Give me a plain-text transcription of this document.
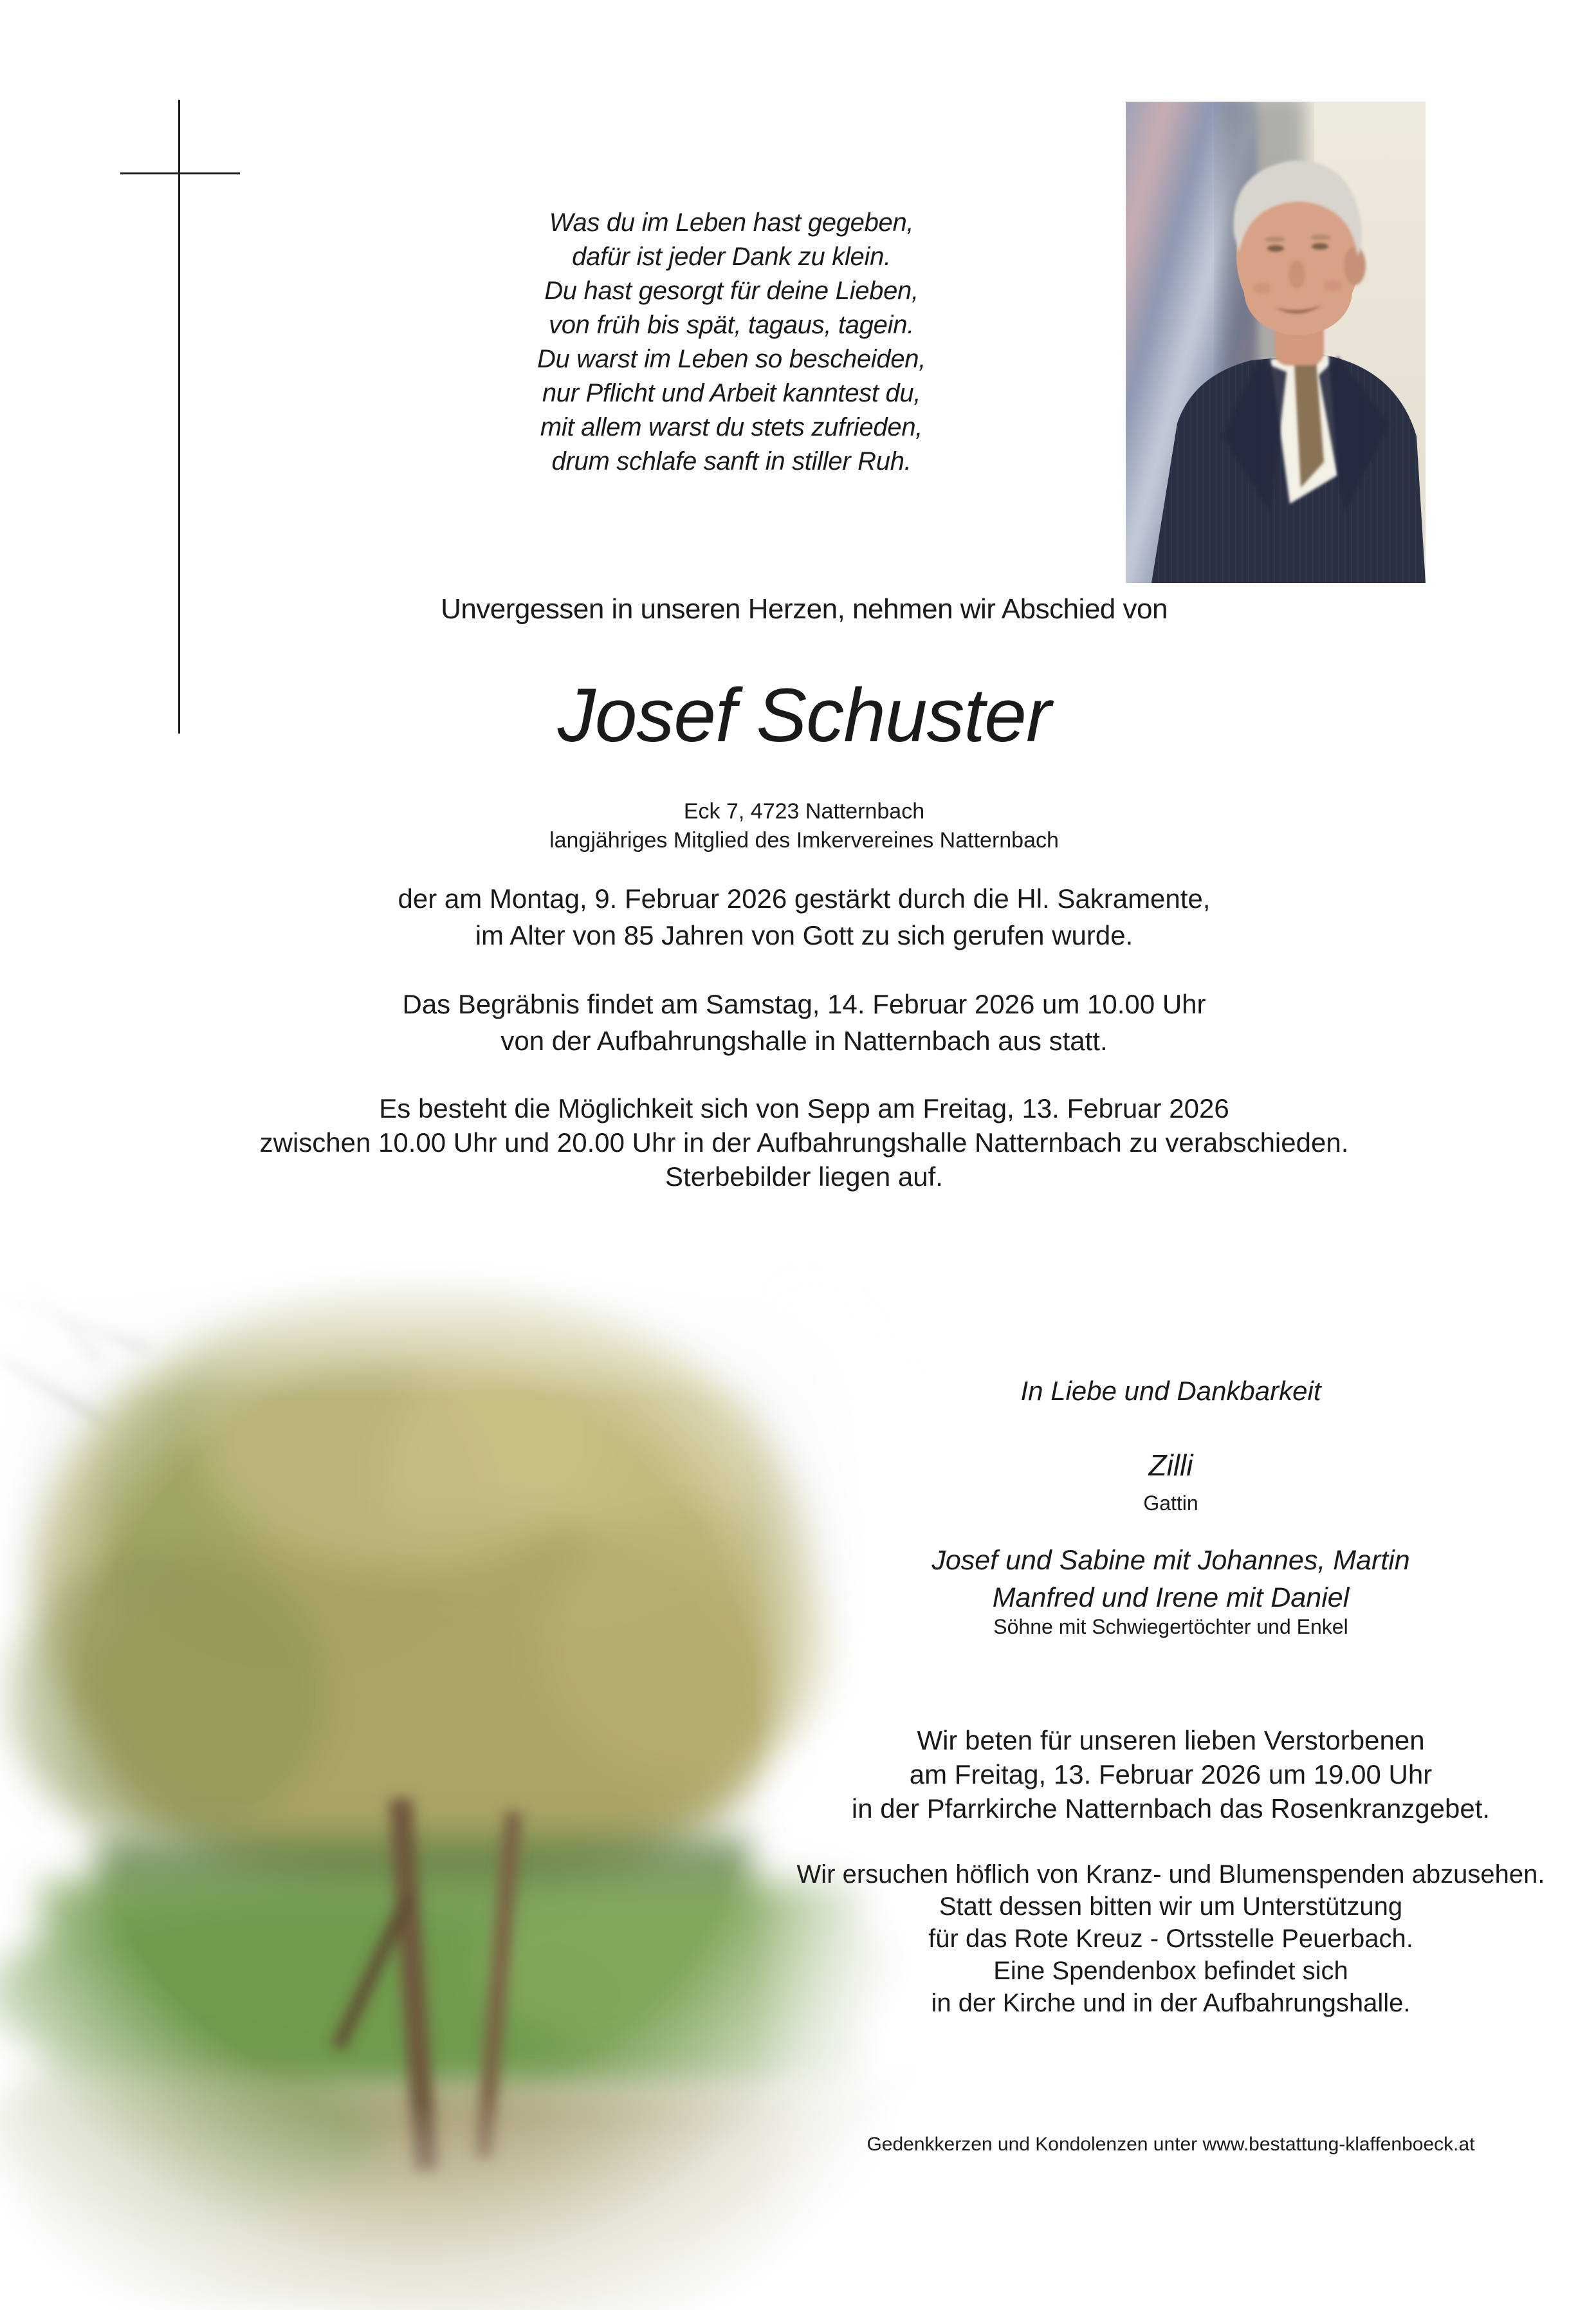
Was du im Leben hast gegeben,
dafür ist jeder Dank zu klein.
Du hast gesorgt für deine Lieben,
von früh bis spät, tagaus, tagein.
Du warst im Leben so bescheiden,
nur Pflicht und Arbeit kanntest du,
mit allem warst du stets zufrieden,
drum schlafe sanft in stiller Ruh.
Unvergessen in unseren Herzen, nehmen wir Abschied von
Josef Schuster
Eck 7, 4723 Natternbach
langjähriges Mitglied des Imkervereines Natternbach
der am Montag, 9. Februar 2026 gestärkt durch die Hl. Sakramente,
im Alter von 85 Jahren von Gott zu sich gerufen wurde.
Das Begräbnis findet am Samstag, 14. Februar 2026 um 10.00 Uhr
von der Aufbahrungshalle in Natternbach aus statt.
Es besteht die Möglichkeit sich von Sepp am Freitag, 13. Februar 2026
zwischen 10.00 Uhr und 20.00 Uhr in der Aufbahrungshalle Natternbach zu verabschieden.
Sterbebilder liegen auf.
In Liebe und Dankbarkeit
Zilli
Gattin
Josef und Sabine mit Johannes, Martin
Manfred und Irene mit Daniel
Söhne mit Schwiegertöchter und Enkel
Wir beten für unseren lieben Verstorbenen
am Freitag, 13. Februar 2026 um 19.00 Uhr
in der Pfarrkirche Natternbach das Rosenkranzgebet.
Wir ersuchen höflich von Kranz- und Blumenspenden abzusehen.
Statt dessen bitten wir um Unterstützung
für das Rote Kreuz - Ortsstelle Peuerbach.
Eine Spendenbox befindet sich
in der Kirche und in der Aufbahrungshalle.
Gedenkkerzen und Kondolenzen unter www.bestattung-klaffenboeck.at
